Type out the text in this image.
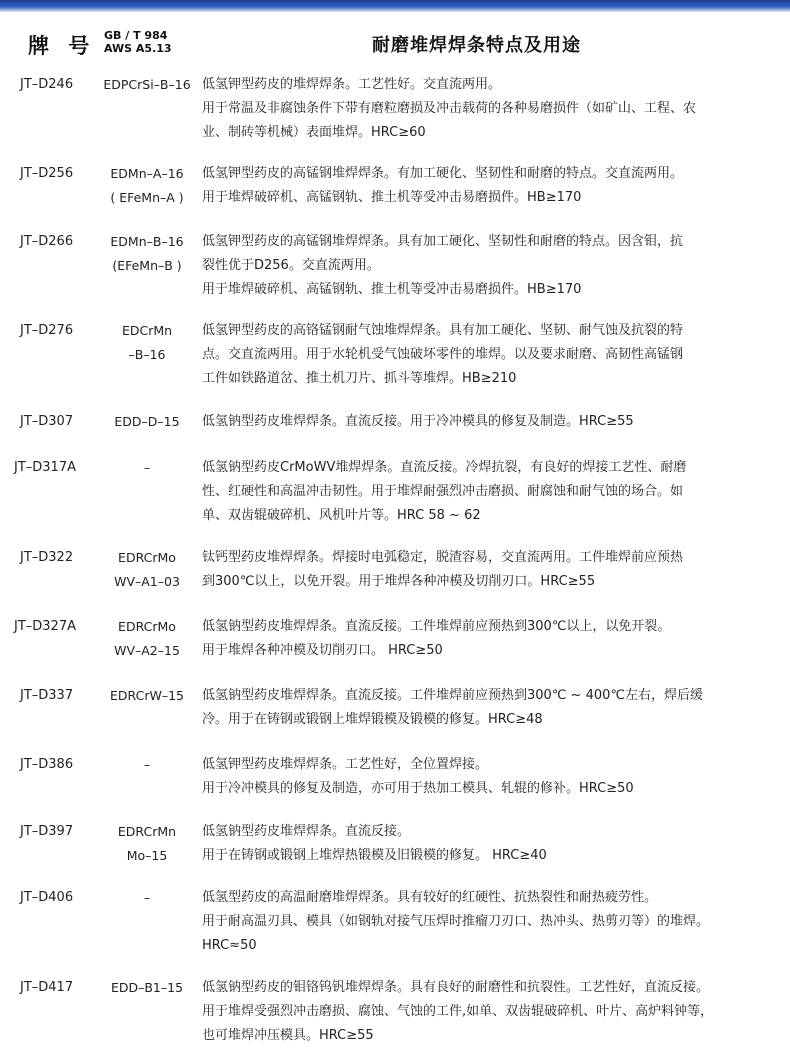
牌 号 GB / T 984
AWS A5.13	耐磨堆焊焊条特点及用途
JT–D246	EDPCrSi–B–16 低氢钾型药皮的堆焊焊条。工艺性好。交直流两用。
用于常温及非腐蚀条件下带有磨粒磨损及冲击载荷的各种易磨损件（如矿山、工程、农
业、制砖等机械）表面堆焊。HRC≥60
JT–D256	EDMn–A–16
( EFeMn–A )
低氢钾型药皮的高锰钢堆焊焊条。有加工硬化、坚韧性和耐磨的特点。交直流两用。
用于堆焊破碎机、高锰钢轨、推土机等受冲击易磨损件。HB≥170
JT–D266	EDMn–B–16
(EFeMn–B )
低氢钾型药皮的高锰钢堆焊焊条。具有加工硬化、坚韧性和耐磨的特点。因含钼，抗
裂性优于D256。交直流两用。
用于堆焊破碎机、高锰钢轨、推土机等受冲击易磨损件。HB≥170
JT–D276	EDCrMn
–B–16
低氢钾型药皮的高铬锰钢耐气蚀堆焊焊条。具有加工硬化、坚韧、耐气蚀及抗裂的特
点。交直流两用。用于水轮机受气蚀破坏零件的堆焊。以及要求耐磨、高韧性高锰钢
工件如铁路道岔、推土机刀片、抓斗等堆焊。HB≥210
JT–D307	EDD–D–15	低氢钠型药皮堆焊焊条。直流反接。用于冷冲模具的修复及制造。HRC≥55
JT–D317A	–	低氢钠型药皮CrMoWV堆焊焊条。直流反接。冷焊抗裂，有良好的焊接工艺性、耐磨
性、红硬性和高温冲击韧性。用于堆焊耐强烈冲击磨损、耐腐蚀和耐气蚀的场合。如
单、双齿辊破碎机、风机叶片等。HRC 58 ~ 62
JT–D322	EDRCrMo
WV–A1–03
钛钙型药皮堆焊焊条。焊接时电弧稳定，脱渣容易，交直流两用。工件堆焊前应预热
到300℃以上，以免开裂。用于堆焊各种冲模及切削刃口。HRC≥55
JT–D327A	EDRCrMo
WV–A2–15
低氢钠型药皮堆焊焊条。直流反接。工件堆焊前应预热到300℃以上，以免开裂。
用于堆焊各种冲模及切削刃口。 HRC≥50
JT–D337	EDRCrW–15	低氢钠型药皮堆焊焊条。直流反接。工件堆焊前应预热到300℃ ~ 400℃左右，焊后缓
冷。用于在铸钢或锻钢上堆焊锻模及锻模的修复。HRC≥48
JT–D386	–	低氢钾型药皮堆焊焊条。工艺性好，全位置焊接。
用于冷冲模具的修复及制造，亦可用于热加工模具、轧辊的修补。HRC≥50
JT–D397	EDRCrMn
Mo–15
低氢钠型药皮堆焊焊条。直流反接。
用于在铸钢或锻钢上堆焊热锻模及旧锻模的修复。 HRC≥40
JT–D406	–	低氢型药皮的高温耐磨堆焊焊条。具有较好的红硬性、抗热裂性和耐热疲劳性。
用于耐高温刃具、模具（如钢轨对接气压焊时推瘤刀刃口、热冲头、热剪刃等）的堆焊。
HRC≈50
JT–D417	EDD–B1–15	低氢钠型药皮的钼铬钨钒堆焊焊条。具有良好的耐磨性和抗裂性。工艺性好，直流反接。
用于堆焊受强烈冲击磨损、腐蚀、气蚀的工件,如单、双齿辊破碎机、叶片、高炉料钟等，
也可堆焊冲压模具。HRC≥55
